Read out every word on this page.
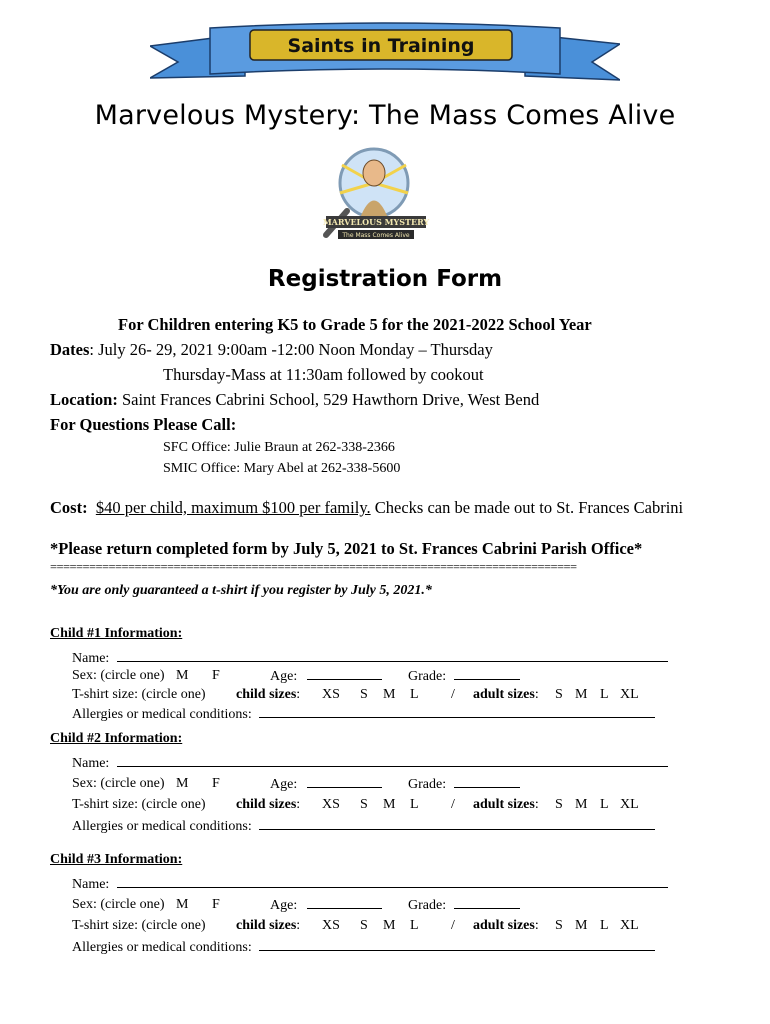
Saints in Training
Marvelous Mystery: The Mass Comes Alive
MARVELOUS MYSTERY
The Mass Comes Alive
Registration Form
For Children entering K5 to Grade 5 for the 2021-2022 School Year
Dates: July 26- 29, 2021 9:00am -12:00 Noon Monday – Thursday
Thursday-Mass at 11:30am followed by cookout
Location: Saint Frances Cabrini School, 529 Hawthorn Drive, West Bend
For Questions Please Call:
SFC Office: Julie Braun at 262-338-2366
SMIC Office: Mary Abel at 262-338-5600
Cost: $40 per child, maximum $100 per family. Checks can be made out to St. Frances Cabrini
*Please return completed form by July 5, 2021 to St. Frances Cabrini Parish Office*
=================================================================================
*You are only guaranteed a t-shirt if you register by July 5, 2021.*
Child #1 Information:
Name:
Sex: (circle one) M F	Age:	Grade:
T-shirt size: (circle one) child sizes: XS S M L / adult sizes: S M L XL
Allergies or medical conditions:
Child #2 Information:
Name:
Sex: (circle one) M F	Age:	Grade:
T-shirt size: (circle one) child sizes: XS S M L / adult sizes: S M L XL
Allergies or medical conditions:
Child #3 Information:
Name:
Sex: (circle one) M F	Age:	Grade:
T-shirt size: (circle one) child sizes: XS S M L / adult sizes: S M L XL
Allergies or medical conditions:
